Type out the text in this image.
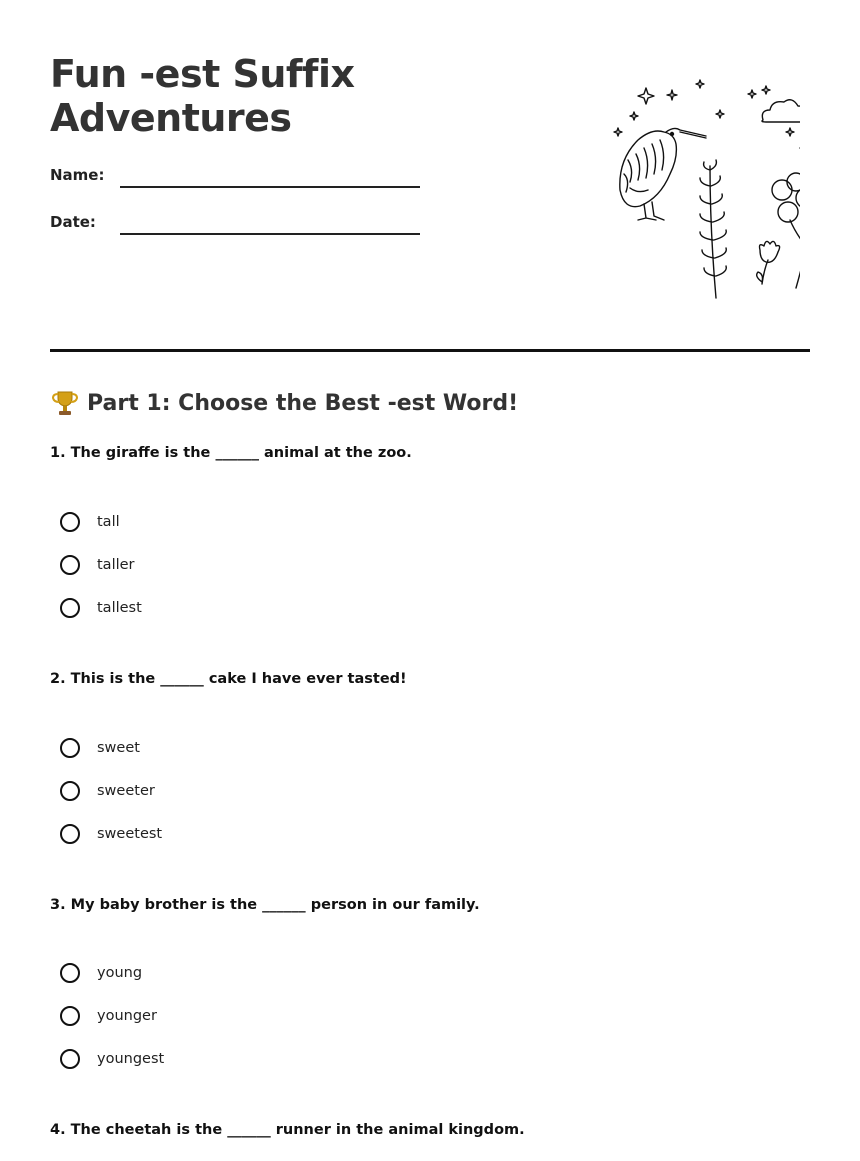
Fun -est Suffix
Adventures
Name:
Date:
Part 1: Choose the Best -est Word!

1. The giraffe is the ______ animal at the zoo.

tall
taller
tallest

2. This is the ______ cake I have ever tasted!

sweet
sweeter
sweetest

3. My baby brother is the ______ person in our family.

young
younger
youngest

4. The cheetah is the ______ runner in the animal kingdom.
